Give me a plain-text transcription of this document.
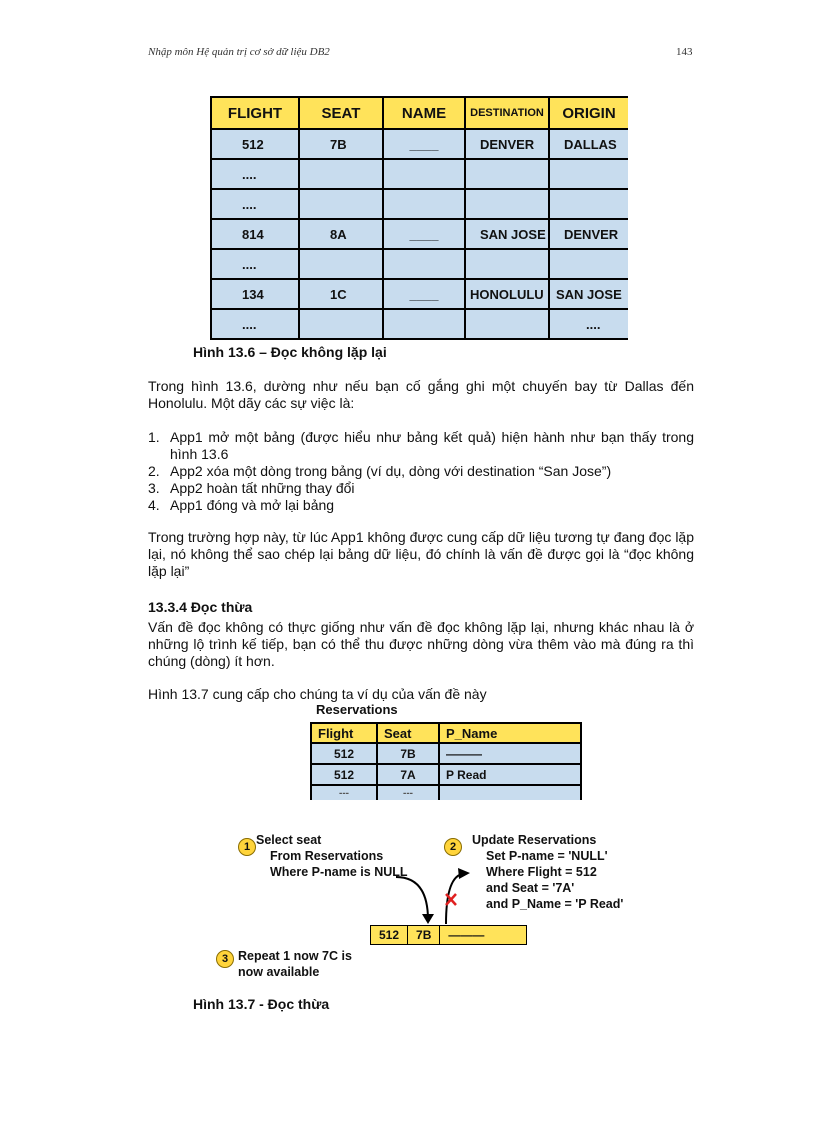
Nhập môn Hệ quản trị cơ sở dữ liệu DB2	143
FLIGHT	SEAT	NAME	DESTINATION	ORIGIN
512	7B	____	DENVER	DALLAS
....				
....				
814	8A	____	SAN JOSE	DENVER
....				
134	1C	____	HONOLULU	SAN JOSE
....				....
Hình 13.6 – Đọc không lặp lại
Trong hình 13.6, dường như nếu bạn cố gắng ghi một chuyến bay từ Dallas đến Honolulu. Một dãy các sự việc là:
1. App1 mở một bảng (được hiểu như bảng kết quả) hiện hành như bạn thấy trong hình 13.6
2. App2 xóa một dòng trong bảng (ví dụ, dòng với destination “San Jose”)
3. App2 hoàn tất những thay đổi
4. App1 đóng và mở lại bảng
Trong trường hợp này, từ lúc App1 không được cung cấp dữ liệu tương tự đang đọc lặp lại, nó không thể sao chép lại bảng dữ liệu, đó chính là vấn đề được gọi là “đọc không lặp lại”
13.3.4 Đọc thừa
Vấn đề đọc không có thực giống như vấn đề đọc không lặp lại, nhưng khác nhau là ở những lộ trình kế tiếp, bạn có thể thu được những dòng vừa thêm vào mà đúng ra thì chúng (dòng) ít hơn.
Hình 13.7 cung cấp cho chúng ta ví dụ của vấn đề này
Reservations
Flight	Seat	P_Name
512	7B	———
512	7A	P Read
---	---	
1 Select seat
From Reservations
Where P-name is NULL
2	Update Reservations
Set P-name = 'NULL'
Where Flight = 512
and Seat = '7A'
and P_Name = 'P Read'
512	7B	———
3 Repeat 1 now 7C is
now available
Hình 13.7 - Đọc thừa
